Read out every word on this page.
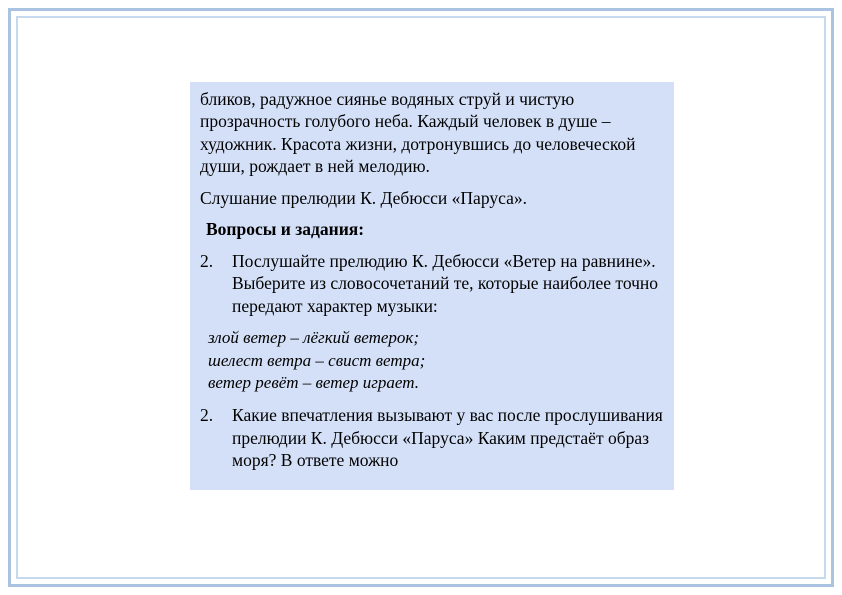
бликов, радужное сиянье водяных струй и чистую прозрачность голубого неба. Каждый человек в душе – художник. Красота жизни, дотронувшись до человеческой души, рождает в ней мелодию.

Слушание прелюдии К. Дебюсси «Паруса».

Вопросы и задания:

2. Послушайте прелюдию К. Дебюсси «Ветер на равнине». Выберите из словосочетаний те, которые наиболее точно передают характер музыки:
злой ветер – лёгкий ветерок;
шелест ветра – свист ветра;
ветер ревёт – ветер играет.
2. Какие впечатления вызывают у вас после прослушивания прелюдии К. Дебюсси «Паруса» Каким предстаёт образ моря? В ответе можно
